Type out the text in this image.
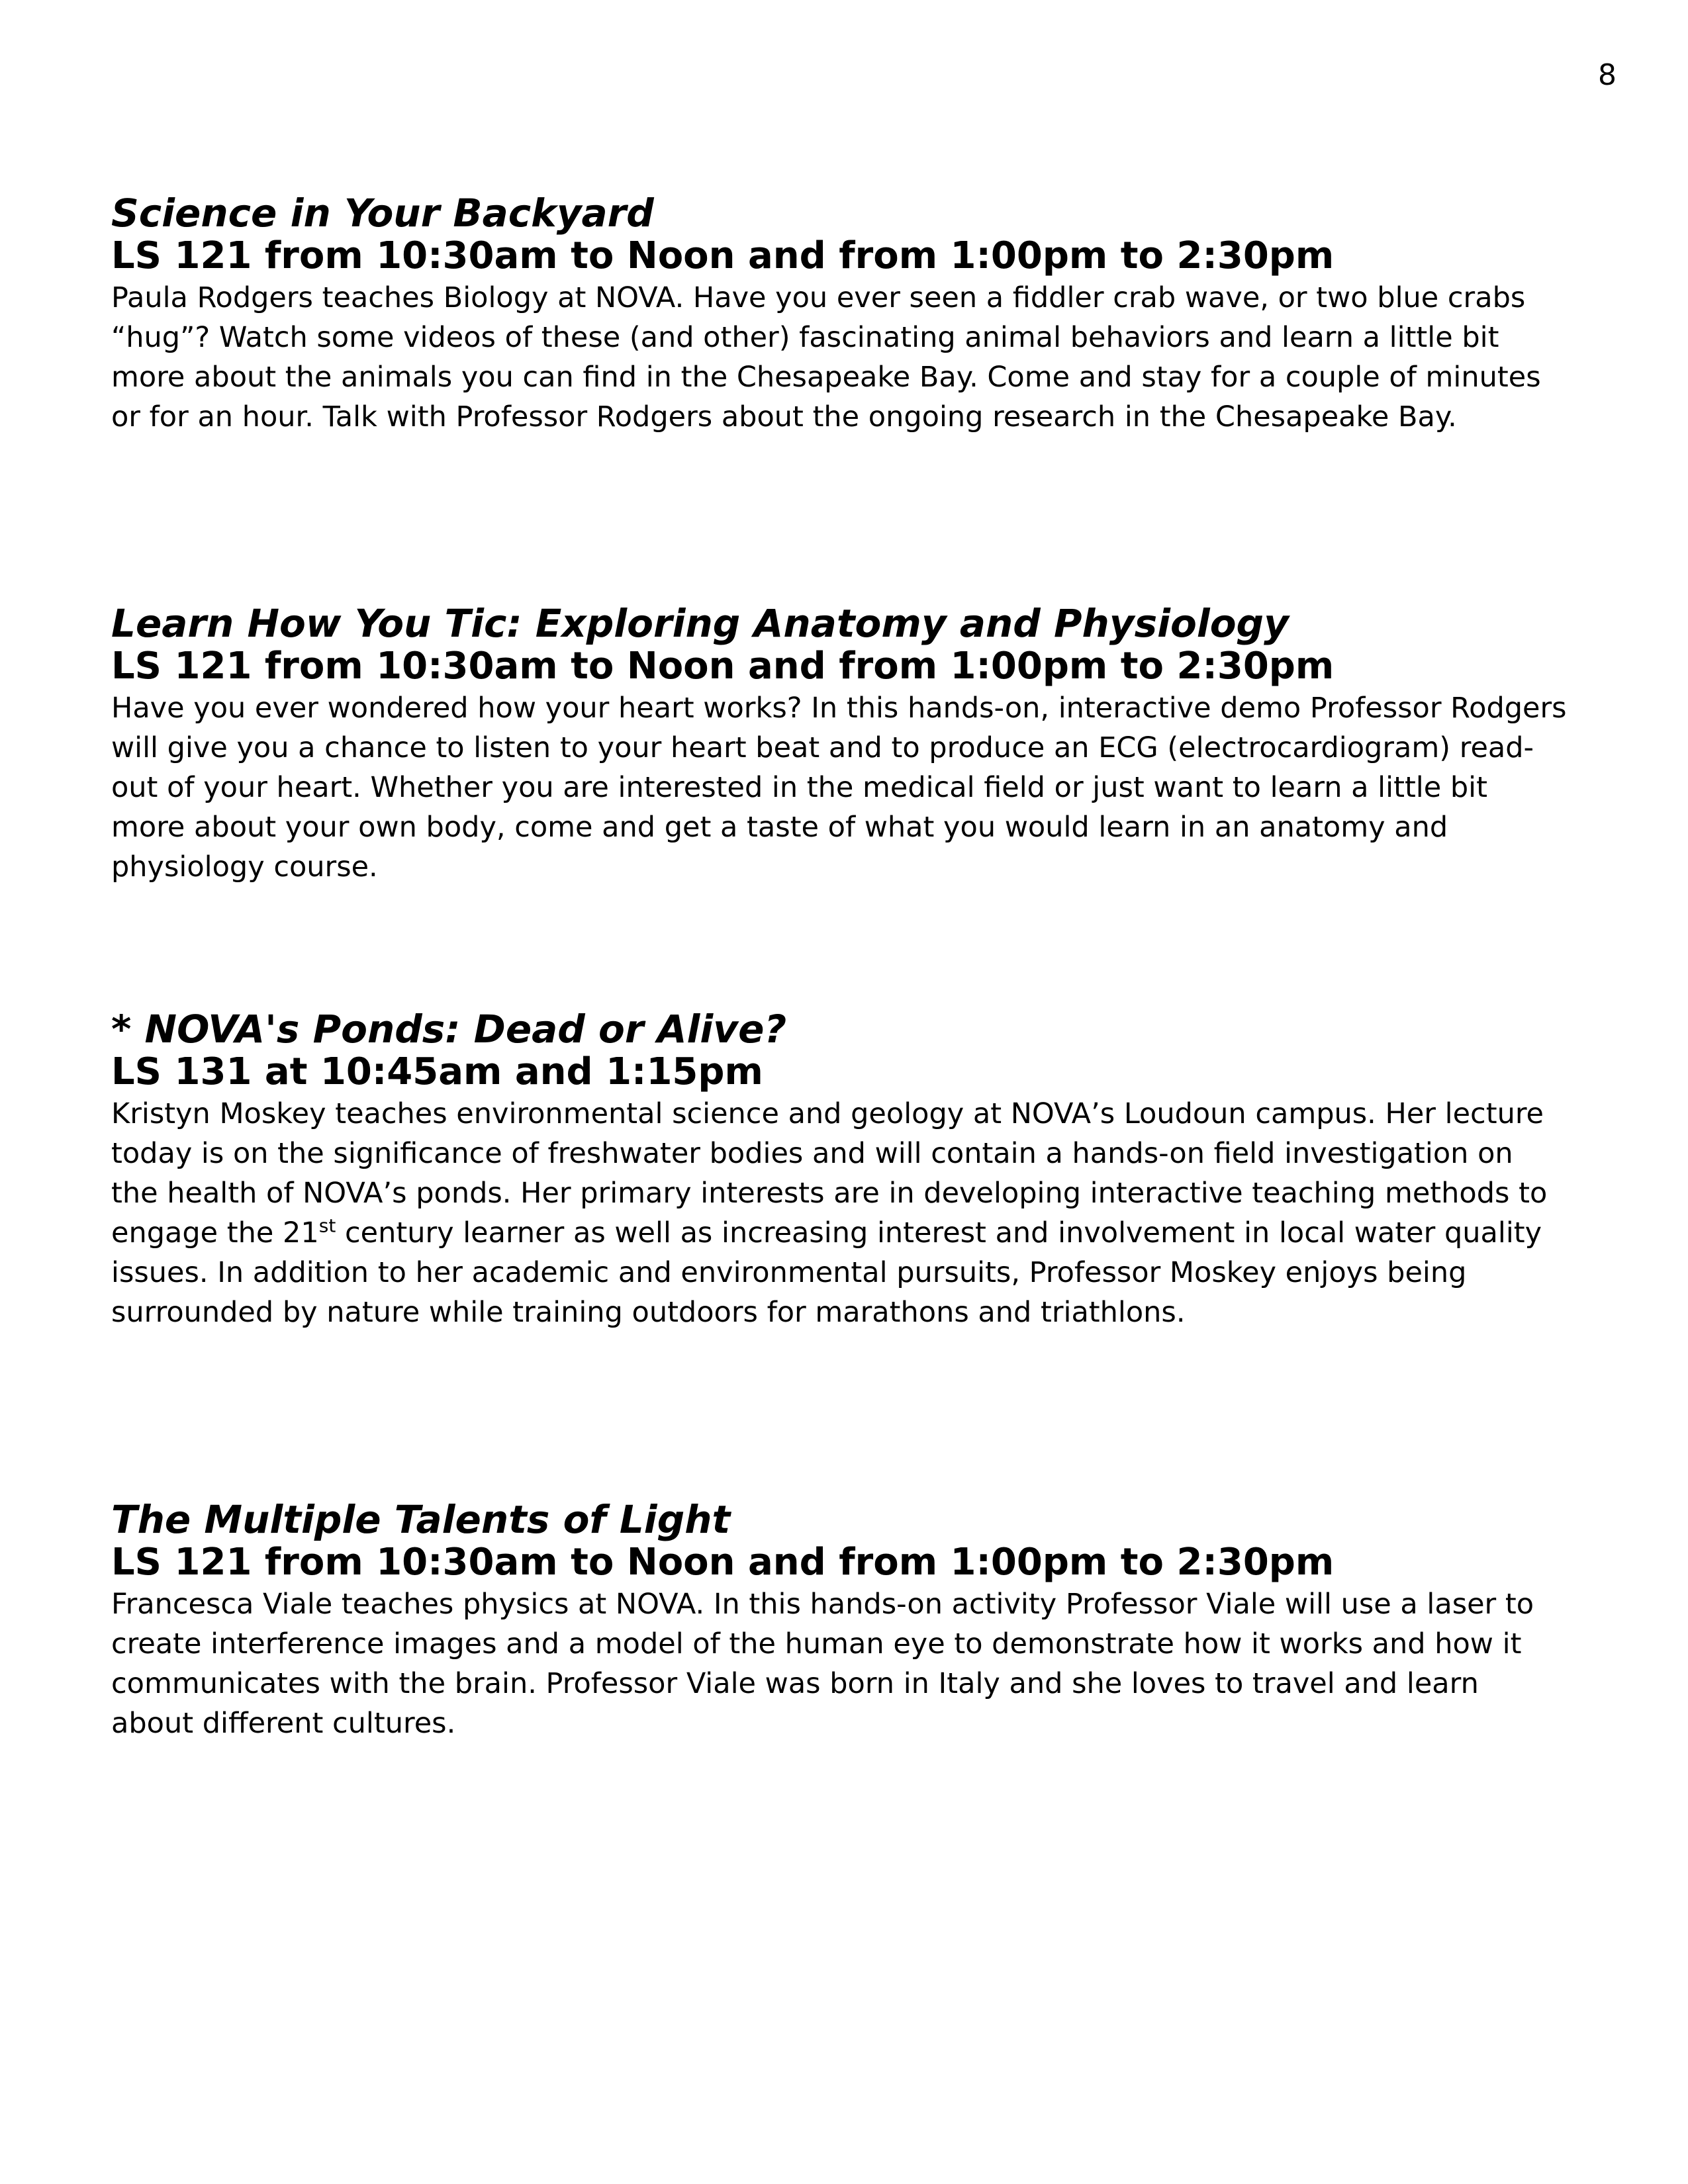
8
Science in Your Backyard
LS 121 from 10:30am to Noon and from 1:00pm to 2:30pm
Paula Rodgers teaches Biology at NOVA. Have you ever seen a fiddler crab wave, or two blue crabs “hug”? Watch some videos of these (and other) fascinating animal behaviors and learn a little bit more about the animals you can find in the Chesapeake Bay. Come and stay for a couple of minutes or for an hour. Talk with Professor Rodgers about the ongoing research in the Chesapeake Bay.
Learn How You Tic: Exploring Anatomy and Physiology
LS 121 from 10:30am to Noon and from 1:00pm to 2:30pm
Have you ever wondered how your heart works? In this hands-on, interactive demo Professor Rodgers will give you a chance to listen to your heart beat and to produce an ECG (electrocardiogram) read-out of your heart. Whether you are interested in the medical field or just want to learn a little bit more about your own body, come and get a taste of what you would learn in an anatomy and physiology course.
* NOVA's Ponds: Dead or Alive?
LS 131 at 10:45am and 1:15pm
Kristyn Moskey teaches environmental science and geology at NOVA’s Loudoun campus. Her lecture today is on the significance of freshwater bodies and will contain a hands-on field investigation on the health of NOVA’s ponds. Her primary interests are in developing interactive teaching methods to engage the 21st century learner as well as increasing interest and involvement in local water quality issues. In addition to her academic and environmental pursuits, Professor Moskey enjoys being surrounded by nature while training outdoors for marathons and triathlons.
The Multiple Talents of Light
LS 121 from 10:30am to Noon and from 1:00pm to 2:30pm
Francesca Viale teaches physics at NOVA. In this hands-on activity Professor Viale will use a laser to create interference images and a model of the human eye to demonstrate how it works and how it communicates with the brain. Professor Viale was born in Italy and she loves to travel and learn about different cultures.
